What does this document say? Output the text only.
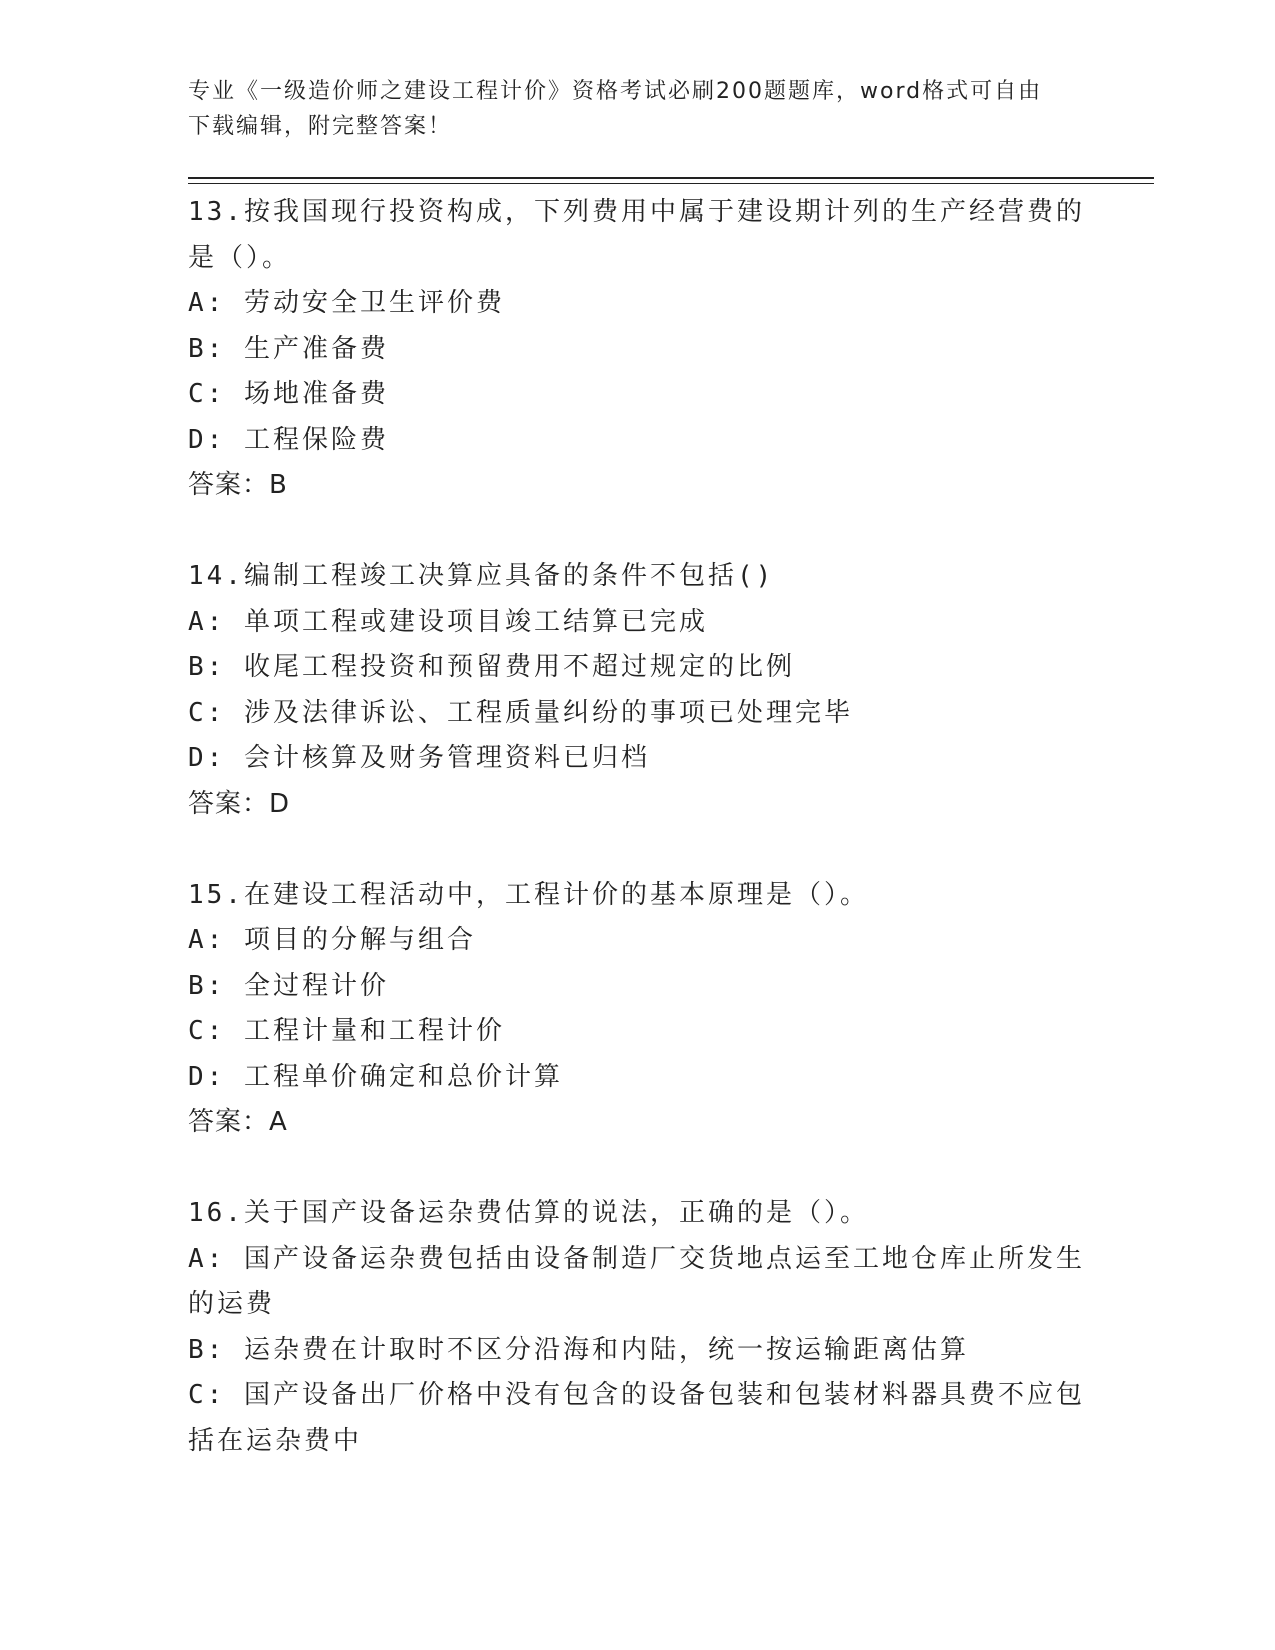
专业《一级造价师之建设工程计价》资格考试必刷200题题库，word格式可自由
下载编辑，附完整答案！
13.按我国现行投资构成，下列费用中属于建设期计列的生产经营费的
是（）。
A: 劳动安全卫生评价费
B: 生产准备费
C: 场地准备费
D: 工程保险费
答案：B
14.编制工程竣工决算应具备的条件不包括()
A: 单项工程或建设项目竣工结算已完成
B: 收尾工程投资和预留费用不超过规定的比例
C: 涉及法律诉讼、工程质量纠纷的事项已处理完毕
D: 会计核算及财务管理资料已归档
答案：D
15.在建设工程活动中，工程计价的基本原理是（）。
A: 项目的分解与组合
B: 全过程计价
C: 工程计量和工程计价
D: 工程单价确定和总价计算
答案：A
16.关于国产设备运杂费估算的说法，正确的是（）。
A: 国产设备运杂费包括由设备制造厂交货地点运至工地仓库止所发生
的运费
B: 运杂费在计取时不区分沿海和内陆，统一按运输距离估算
C: 国产设备出厂价格中没有包含的设备包装和包装材料器具费不应包
括在运杂费中
